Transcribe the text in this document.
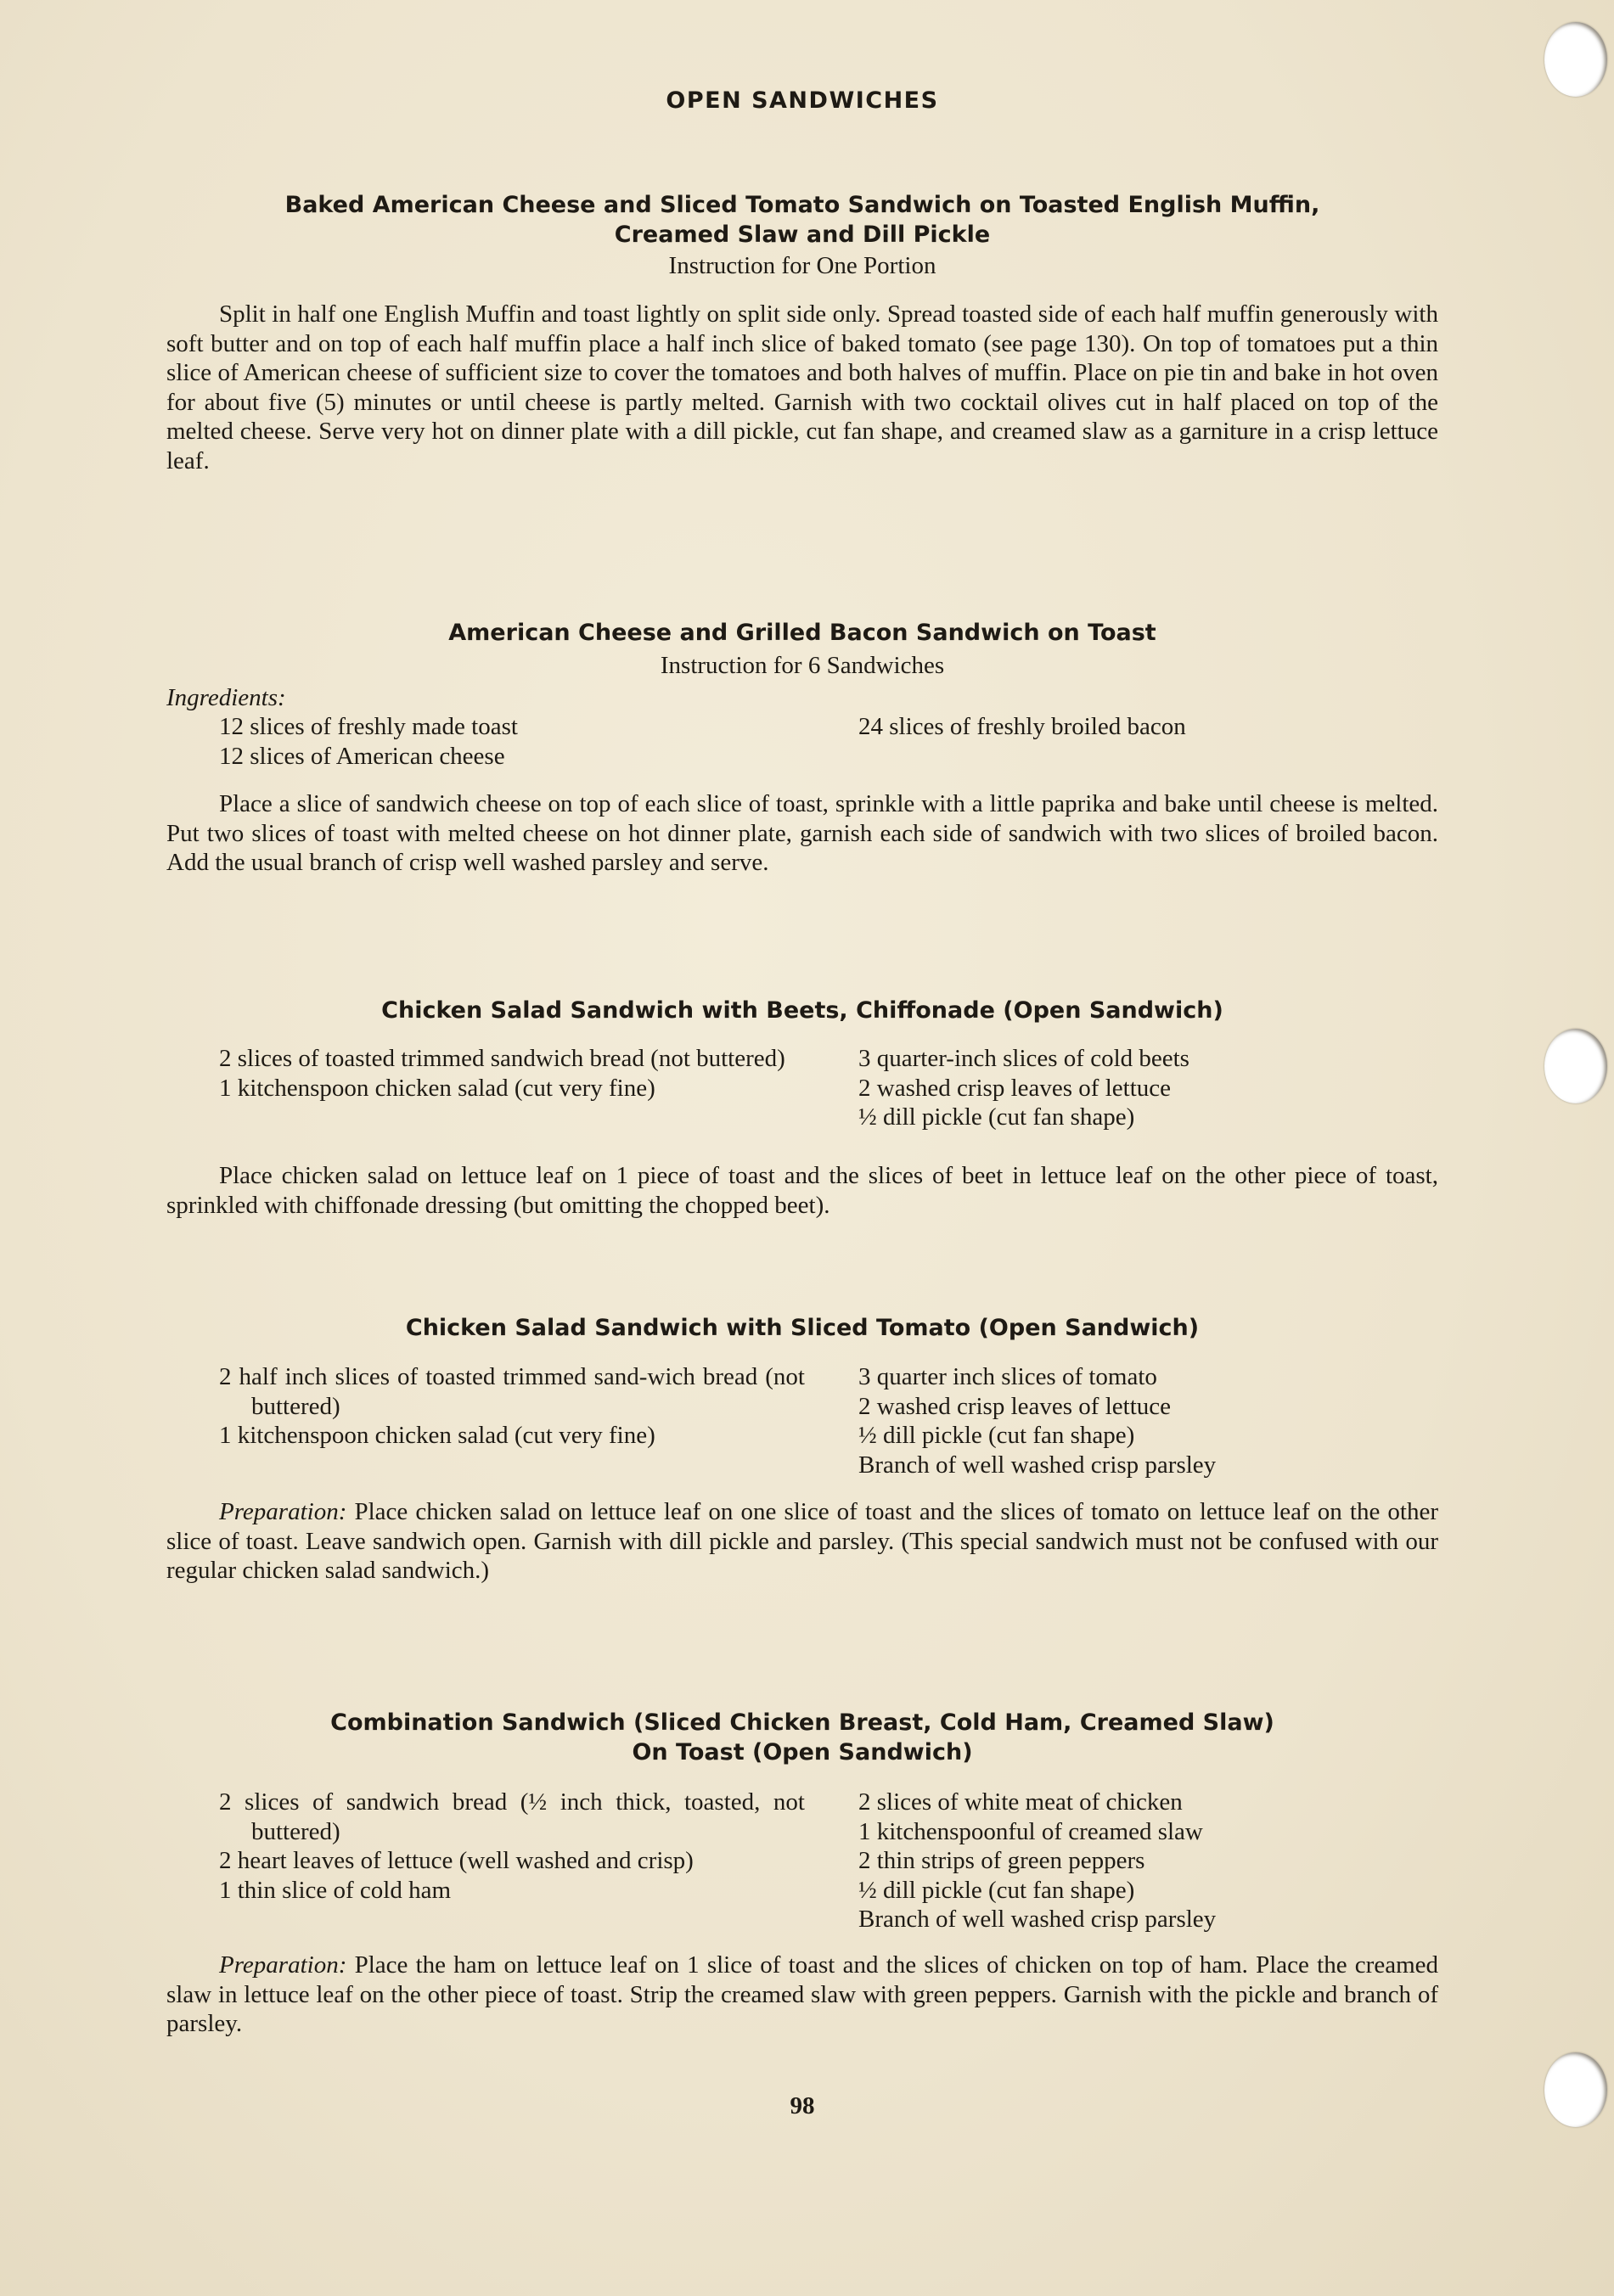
OPEN SANDWICHES
Baked American Cheese and Sliced Tomato Sandwich on Toasted English Muffin,
Creamed Slaw and Dill Pickle
Instruction for One Portion

Split in half one English Muffin and toast lightly on split side only. Spread toasted side of each half muffin generously with soft butter and on top of each half muffin place a half inch slice of baked tomato (see page 130). On top of tomatoes put a thin slice of American cheese of sufficient size to cover the tomatoes and both halves of muffin. Place on pie tin and bake in hot oven for about five (5) minutes or until cheese is partly melted. Garnish with two cocktail olives cut in half placed on top of the melted cheese. Serve very hot on dinner plate with a dill pickle, cut fan shape, and creamed slaw as a garniture in a crisp lettuce leaf.

American Cheese and Grilled Bacon Sandwich on Toast
Instruction for 6 Sandwiches
Ingredients:

12 slices of freshly made toast

12 slices of American cheese

24 slices of freshly broiled bacon

Place a slice of sandwich cheese on top of each slice of toast, sprinkle with a little paprika and bake until cheese is melted. Put two slices of toast with melted cheese on hot dinner plate, garnish each side of sandwich with two slices of broiled bacon. Add the usual branch of crisp well washed parsley and serve.

Chicken Salad Sandwich with Beets, Chiffonade (Open Sandwich)

2 slices of toasted trimmed sandwich bread (not buttered)

1 kitchenspoon chicken salad (cut very fine)

3 quarter-inch slices of cold beets

2 washed crisp leaves of lettuce

½ dill pickle (cut fan shape)

Place chicken salad on lettuce leaf on 1 piece of toast and the slices of beet in lettuce leaf on the other piece of toast, sprinkled with chiffonade dressing (but omitting the chopped beet).

Chicken Salad Sandwich with Sliced Tomato (Open Sandwich)

2 half inch slices of toasted trimmed sand-wich bread (not buttered)

1 kitchenspoon chicken salad (cut very fine)

3 quarter inch slices of tomato

2 washed crisp leaves of lettuce

½ dill pickle (cut fan shape)

Branch of well washed crisp parsley

Preparation: Place chicken salad on lettuce leaf on one slice of toast and the slices of tomato on lettuce leaf on the other slice of toast. Leave sandwich open. Garnish with dill pickle and parsley. (This special sandwich must not be confused with our regular chicken salad sandwich.)

Combination Sandwich (Sliced Chicken Breast, Cold Ham, Creamed Slaw)
On Toast (Open Sandwich)

2 slices of sandwich bread (½ inch thick, toasted, not buttered)

2 heart leaves of lettuce (well washed and crisp)

1 thin slice of cold ham

2 slices of white meat of chicken

1 kitchenspoonful of creamed slaw

2 thin strips of green peppers

½ dill pickle (cut fan shape)

Branch of well washed crisp parsley

Preparation: Place the ham on lettuce leaf on 1 slice of toast and the slices of chicken on top of ham. Place the creamed slaw in lettuce leaf on the other piece of toast. Strip the creamed slaw with green peppers. Garnish with the pickle and branch of parsley.

98
